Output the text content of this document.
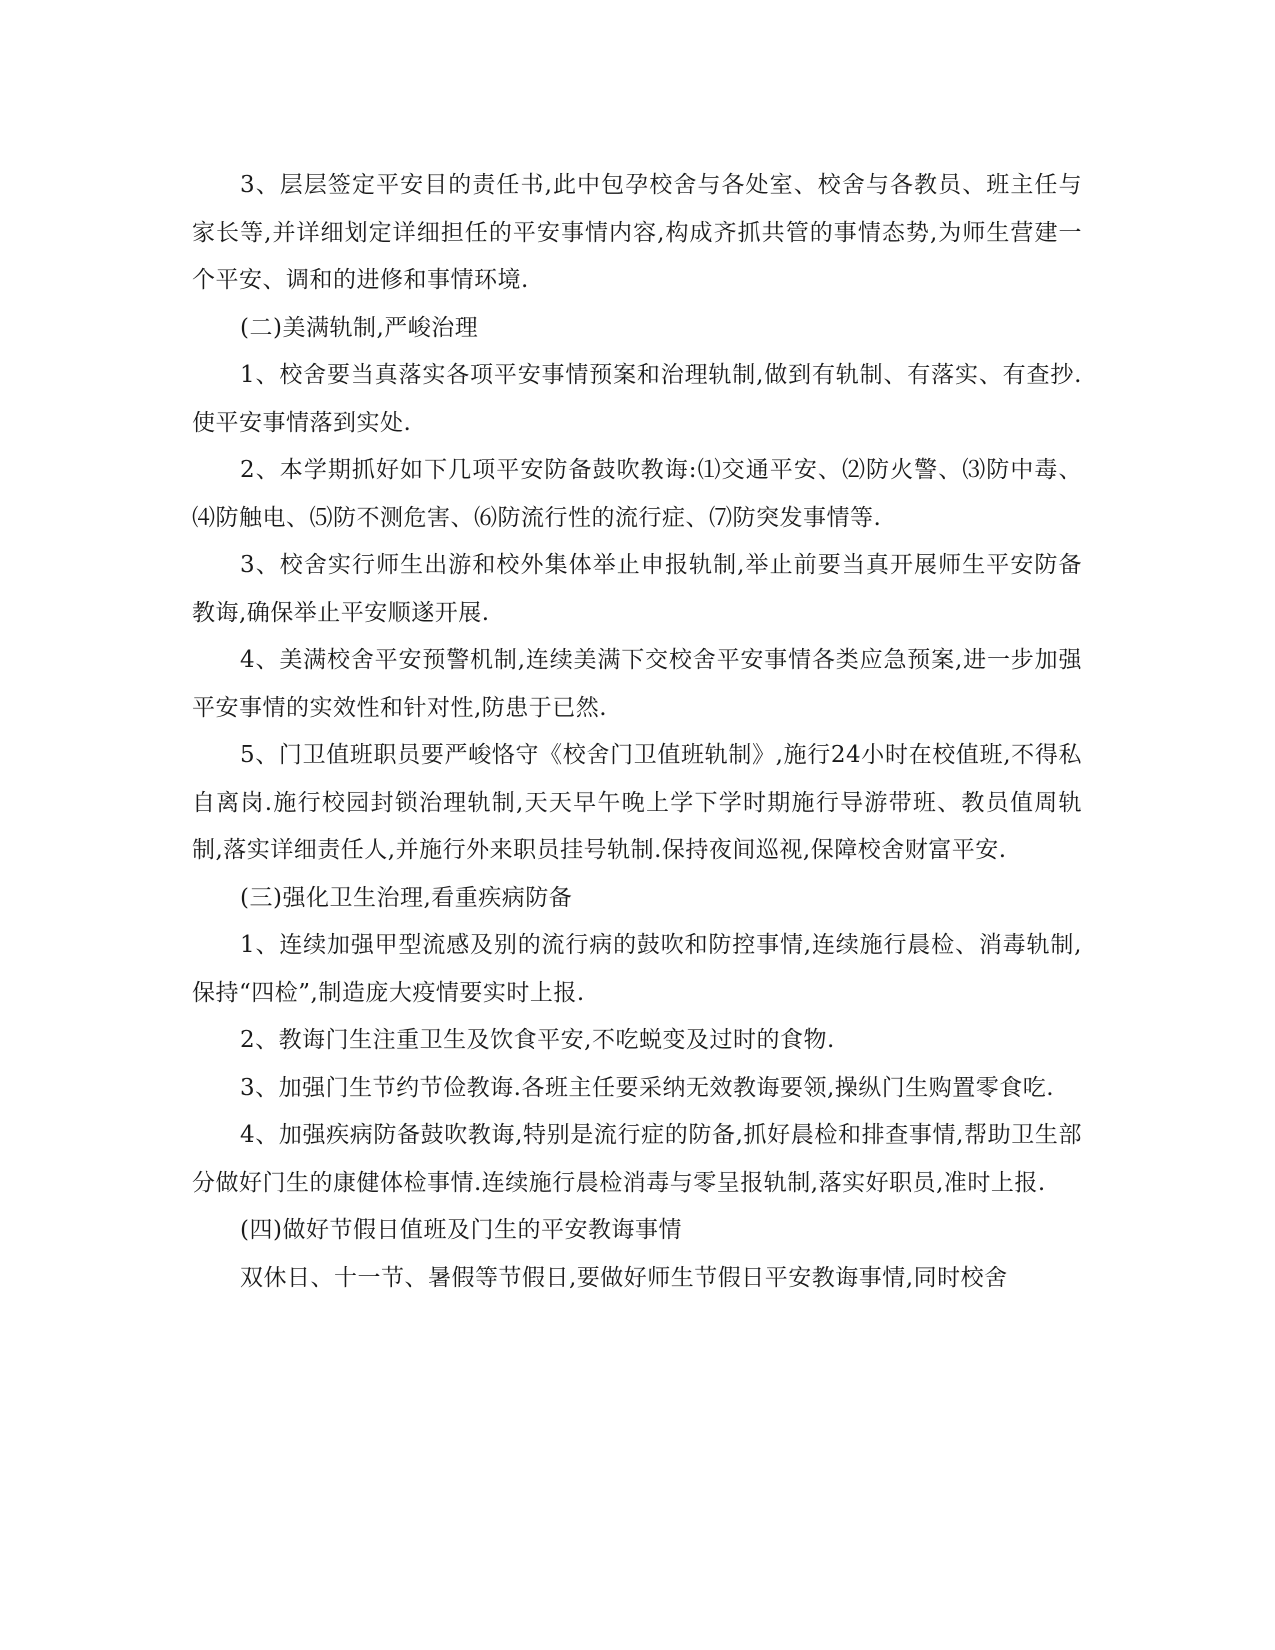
3、层层签定平安目的责任书,此中包孕校舍与各处室、校舍与各教员、班主任与家长等,并详细划定详细担任的平安事情内容,构成齐抓共管的事情态势,为师生营建一个平安、调和的进修和事情环境.

(二)美满轨制,严峻治理

1、校舍要当真落实各项平安事情预案和治理轨制,做到有轨制、有落实、有查抄.使平安事情落到实处.

2、本学期抓好如下几项平安防备鼓吹教诲:⑴交通平安、⑵防火警、⑶防中毒、⑷防触电、⑸防不测危害、⑹防流行性的流行症、⑺防突发事情等.

3、校舍实行师生出游和校外集体举止申报轨制,举止前要当真开展师生平安防备教诲,确保举止平安顺遂开展.

4、美满校舍平安预警机制,连续美满下交校舍平安事情各类应急预案,进一步加强平安事情的实效性和针对性,防患于已然.

5、门卫值班职员要严峻恪守《校舍门卫值班轨制》,施行24小时在校值班,不得私自离岗.施行校园封锁治理轨制,天天早午晚上学下学时期施行导游带班、教员值周轨制,落实详细责任人,并施行外来职员挂号轨制.保持夜间巡视,保障校舍财富平安.

(三)强化卫生治理,看重疾病防备

1、连续加强甲型流感及别的流行病的鼓吹和防控事情,连续施行晨检、消毒轨制,保持“四检”,制造庞大疫情要实时上报.

2、教诲门生注重卫生及饮食平安,不吃蜕变及过时的食物.

3、加强门生节约节俭教诲.各班主任要采纳无效教诲要领,操纵门生购置零食吃.

4、加强疾病防备鼓吹教诲,特别是流行症的防备,抓好晨检和排查事情,帮助卫生部分做好门生的康健体检事情.连续施行晨检消毒与零呈报轨制,落实好职员,准时上报.

(四)做好节假日值班及门生的平安教诲事情

双休日、十一节、暑假等节假日,要做好师生节假日平安教诲事情,同时校舍
